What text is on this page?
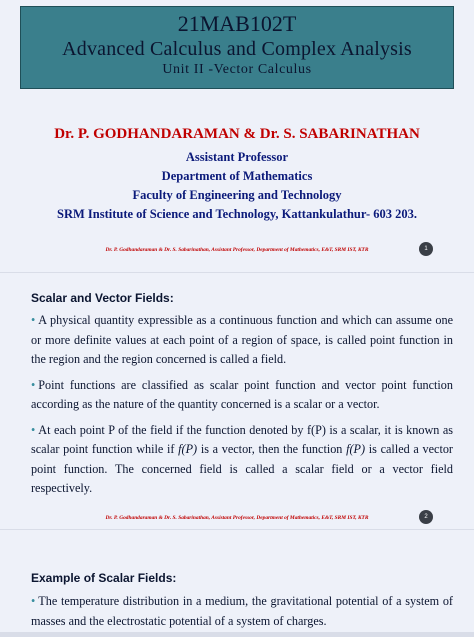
21MAB102T
Advanced Calculus and Complex Analysis
Unit II -Vector Calculus
Dr. P. GODHANDARAMAN & Dr. S. SABARINATHAN
Assistant Professor
Department of Mathematics
Faculty of Engineering and Technology
SRM Institute of Science and Technology, Kattankulathur- 603 203.
Dr. P. Godhandaraman & Dr. S. Sabarinathan, Assistant Professor, Department of Mathematics, E&T, SRM IST, KTR	1
Scalar and Vector Fields:
• A physical quantity expressible as a continuous function and which can assume one or more definite values at each point of a region of space, is called point function in the region and the region concerned is called a field.
• Point functions are classified as scalar point function and vector point function according as the nature of the quantity concerned is a scalar or a vector.
• At each point P of the field if the function denoted by f(P) is a scalar, it is known as scalar point function while if f(P) is a vector, then the function f(P) is called a vector point function. The concerned field is called a scalar field or a vector field respectively.
Dr. P. Godhandaraman & Dr. S. Sabarinathan, Assistant Professor, Department of Mathematics, E&T, SRM IST, KTR	2
Example of Scalar Fields:
• The temperature distribution in a medium, the gravitational potential of a system of masses and the electrostatic potential of a system of charges.
